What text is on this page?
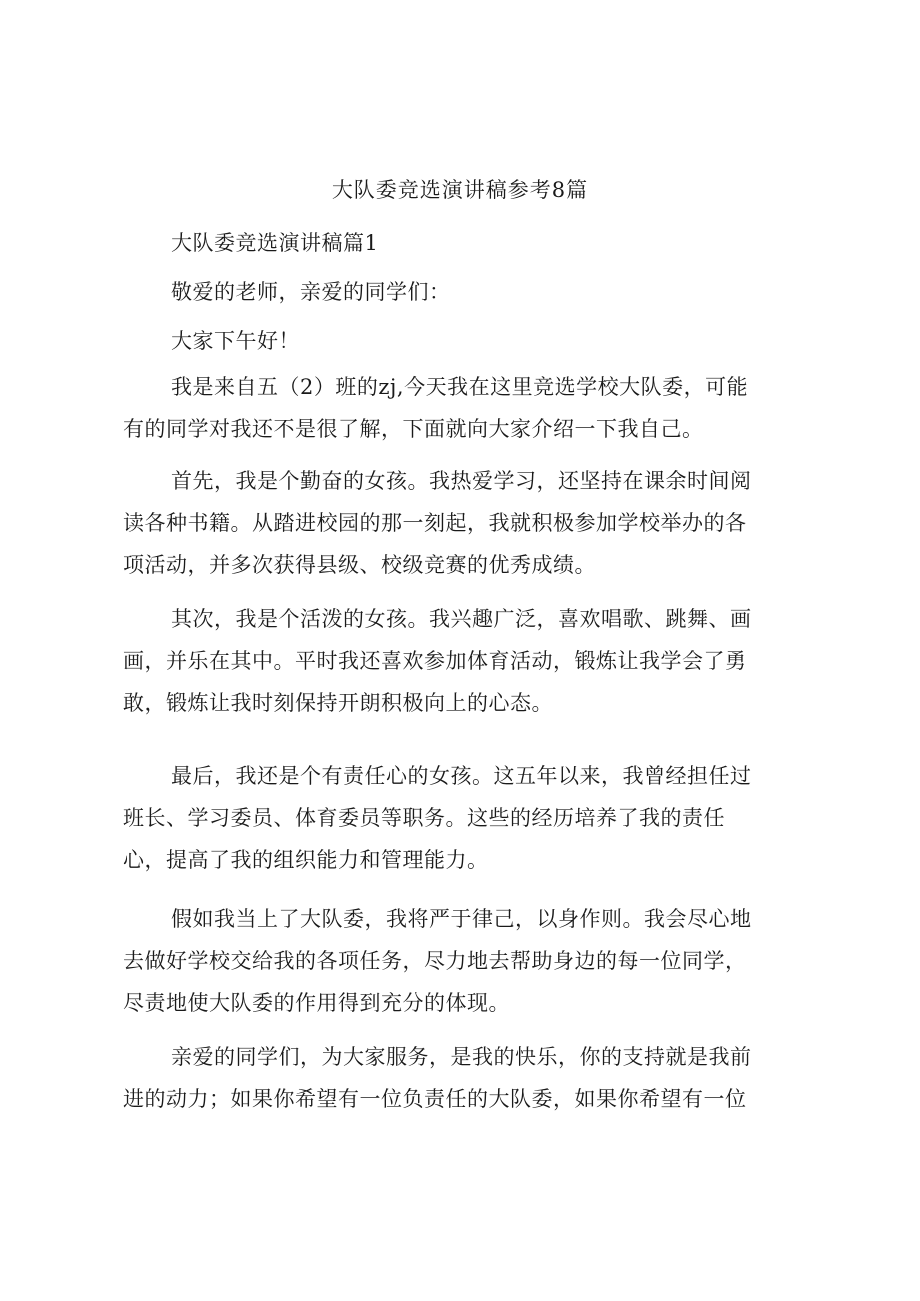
大队委竞选演讲稿参考8篇
大队委竞选演讲稿篇1
敬爱的老师，亲爱的同学们：
大家下午好！
我是来自五（2）班的zj,今天我在这里竞选学校大队委，可能
有的同学对我还不是很了解，下面就向大家介绍一下我自己。
首先，我是个勤奋的女孩。我热爱学习，还坚持在课余时间阅
读各种书籍。从踏进校园的那一刻起，我就积极参加学校举办的各
项活动，并多次获得县级、校级竞赛的优秀成绩。
其次，我是个活泼的女孩。我兴趣广泛，喜欢唱歌、跳舞、画
画，并乐在其中。平时我还喜欢参加体育活动，锻炼让我学会了勇
敢，锻炼让我时刻保持开朗积极向上的心态。
最后，我还是个有责任心的女孩。这五年以来，我曾经担任过
班长、学习委员、体育委员等职务。这些的经历培养了我的责任
心，提高了我的组织能力和管理能力。
假如我当上了大队委，我将严于律己，以身作则。我会尽心地
去做好学校交给我的各项任务，尽力地去帮助身边的每一位同学，
尽责地使大队委的作用得到充分的体现。
亲爱的同学们，为大家服务，是我的快乐，你的支持就是我前
进的动力；如果你希望有一位负责任的大队委，如果你希望有一位
